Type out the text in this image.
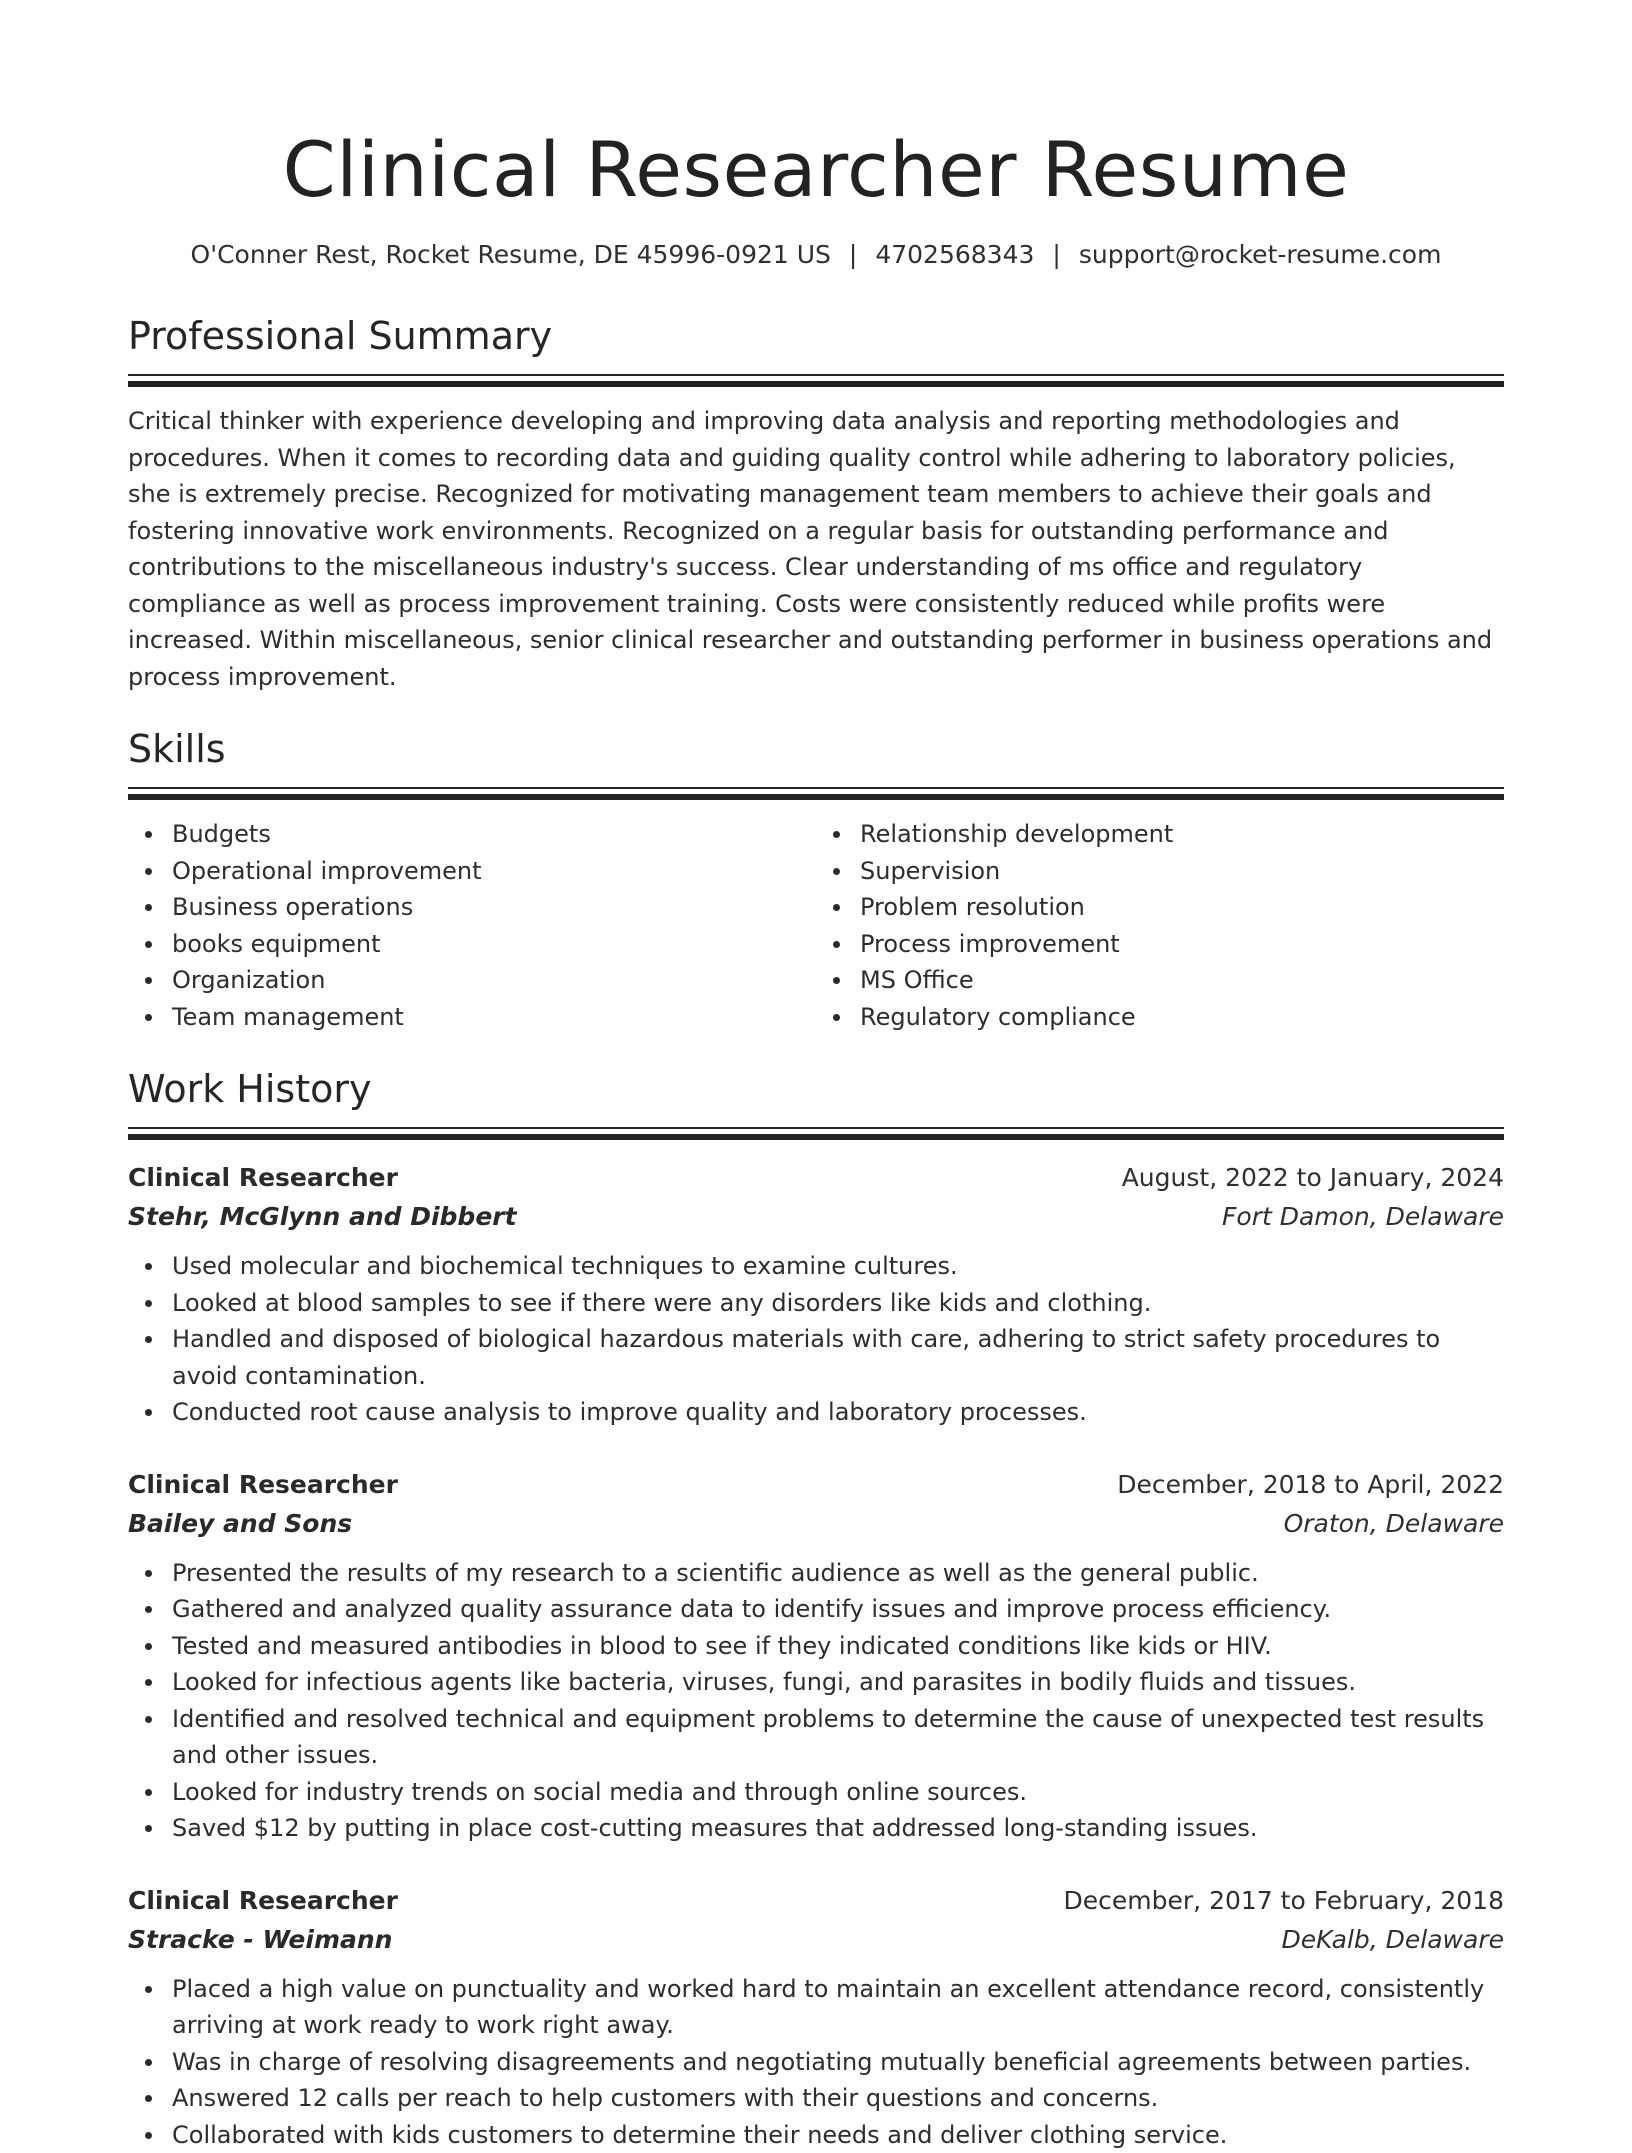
Clinical Researcher Resume
O'Conner Rest, Rocket Resume, DE 45996-0921 US | 4702568343 | support@rocket-resume.com
Professional Summary

Critical thinker with experience developing and improving data analysis and reporting methodologies and procedures. When it comes to recording data and guiding quality control while adhering to laboratory policies, she is extremely precise. Recognized for motivating management team members to achieve their goals and fostering innovative work environments. Recognized on a regular basis for outstanding performance and contributions to the miscellaneous industry's success. Clear understanding of ms office and regulatory compliance as well as process improvement training. Costs were consistently reduced while profits were increased. Within miscellaneous, senior clinical researcher and outstanding performer in business operations and process improvement.

Skills
Budgets
Operational improvement
Business operations
books equipment
Organization
Team management
Relationship development
Supervision
Problem resolution
Process improvement
MS Office
Regulatory compliance
Work History
Clinical Researcher	August, 2022 to January, 2024
Stehr, McGlynn and Dibbert	Fort Damon, Delaware
Used molecular and biochemical techniques to examine cultures.
Looked at blood samples to see if there were any disorders like kids and clothing.
Handled and disposed of biological hazardous materials with care, adhering to strict safety procedures to avoid contamination.
Conducted root cause analysis to improve quality and laboratory processes.
Clinical Researcher	December, 2018 to April, 2022
Bailey and Sons	Oraton, Delaware
Presented the results of my research to a scientific audience as well as the general public.
Gathered and analyzed quality assurance data to identify issues and improve process efficiency.
Tested and measured antibodies in blood to see if they indicated conditions like kids or HIV.
Looked for infectious agents like bacteria, viruses, fungi, and parasites in bodily fluids and tissues.
Identified and resolved technical and equipment problems to determine the cause of unexpected test results and other issues.
Looked for industry trends on social media and through online sources.
Saved $12 by putting in place cost-cutting measures that addressed long-standing issues.
Clinical Researcher	December, 2017 to February, 2018
Stracke - Weimann	DeKalb, Delaware
Placed a high value on punctuality and worked hard to maintain an excellent attendance record, consistently arriving at work ready to work right away.
Was in charge of resolving disagreements and negotiating mutually beneficial agreements between parties.
Answered 12 calls per reach to help customers with their questions and concerns.
Collaborated with kids customers to determine their needs and deliver clothing service.
